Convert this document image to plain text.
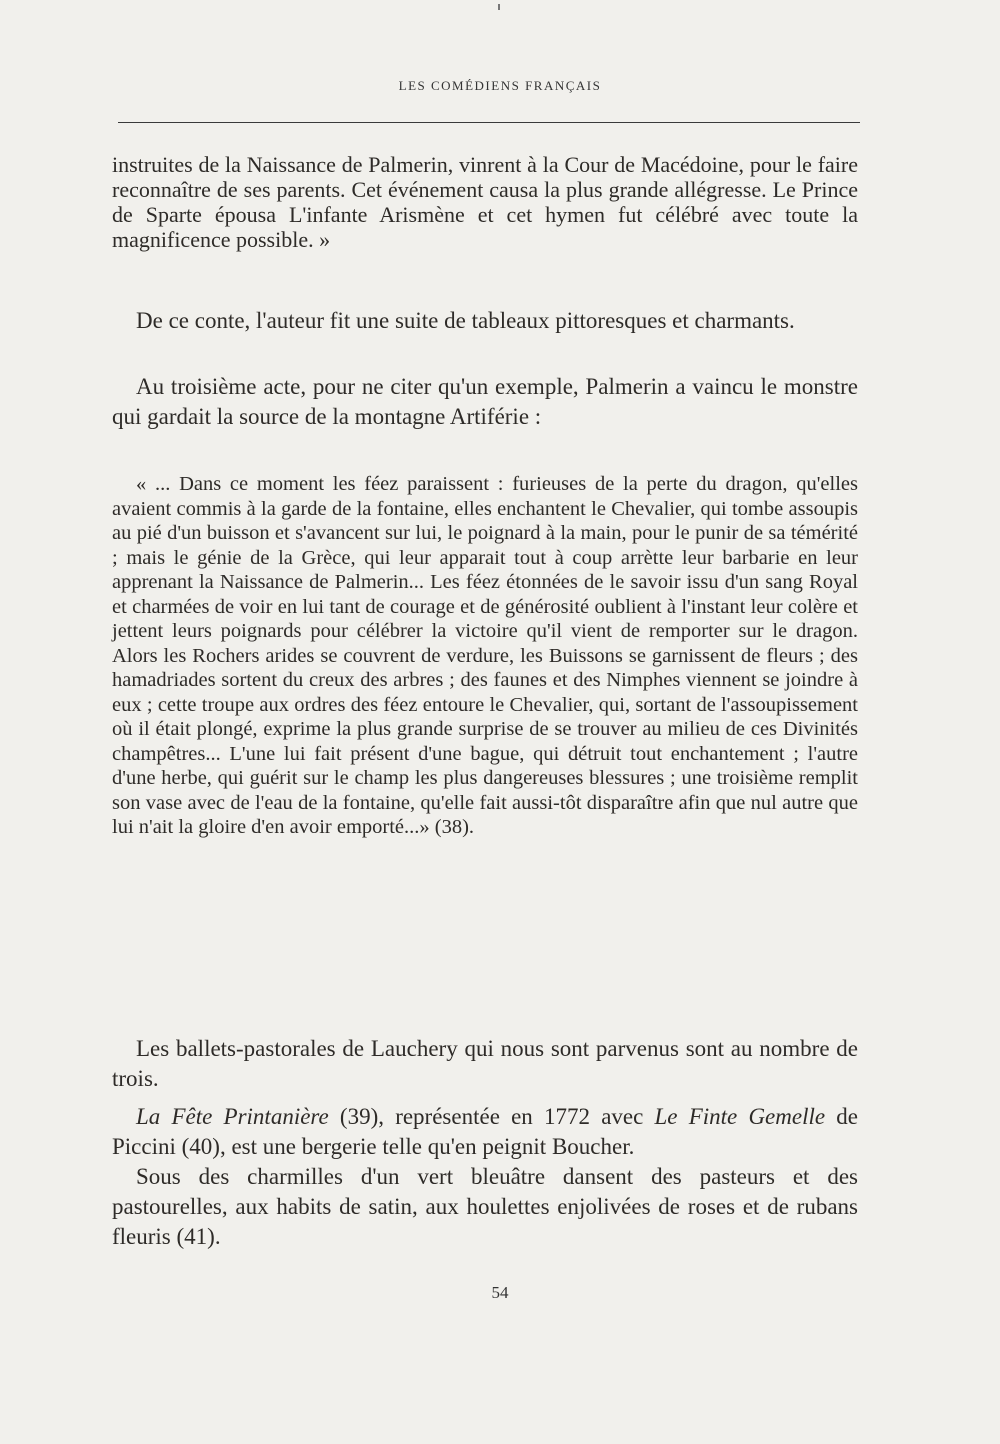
LES COMÉDIENS FRANÇAIS

instruites de la Naissance de Palmerin, vinrent à la Cour de Macédoine, pour le faire reconnaître de ses parents. Cet événement causa la plus grande allégresse. Le Prince de Sparte épousa L'infante Arismène et cet hymen fut célébré avec toute la magnificence possible. »

De ce conte, l'auteur fit une suite de tableaux pittoresques et charmants.

Au troisième acte, pour ne citer qu'un exemple, Palmerin a vaincu le monstre qui gardait la source de la montagne Artiférie :

« ... Dans ce moment les féez paraissent : furieuses de la perte du dragon, qu'elles avaient commis à la garde de la fontaine, elles enchantent le Chevalier, qui tombe assoupis au pié d'un buisson et s'avancent sur lui, le poignard à la main, pour le punir de sa témérité ; mais le génie de la Grèce, qui leur apparait tout à coup arrètte leur barbarie en leur apprenant la Naissance de Palmerin... Les féez étonnées de le savoir issu d'un sang Royal et charmées de voir en lui tant de courage et de générosité oublient à l'instant leur colère et jettent leurs poignards pour célébrer la victoire qu'il vient de remporter sur le dragon. Alors les Rochers arides se couvrent de verdure, les Buissons se garnissent de fleurs ; des hamadriades sortent du creux des arbres ; des faunes et des Nimphes viennent se joindre à eux ; cette troupe aux ordres des féez entoure le Chevalier, qui, sortant de l'assoupissement où il était plongé, exprime la plus grande surprise de se trouver au milieu de ces Divinités champêtres... L'une lui fait présent d'une bague, qui détruit tout enchantement ; l'autre d'une herbe, qui guérit sur le champ les plus dangereuses blessures ; une troisième remplit son vase avec de l'eau de la fontaine, qu'elle fait aussi-tôt disparaître afin que nul autre que lui n'ait la gloire d'en avoir emporté...» (38).

Les ballets-pastorales de Lauchery qui nous sont parvenus sont au nombre de trois.

La Fête Printanière (39), représentée en 1772 avec Le Finte Gemelle de Piccini (40), est une bergerie telle qu'en peignit Boucher.

Sous des charmilles d'un vert bleuâtre dansent des pasteurs et des pastourelles, aux habits de satin, aux houlettes enjolivées de roses et de rubans fleuris (41).

54
